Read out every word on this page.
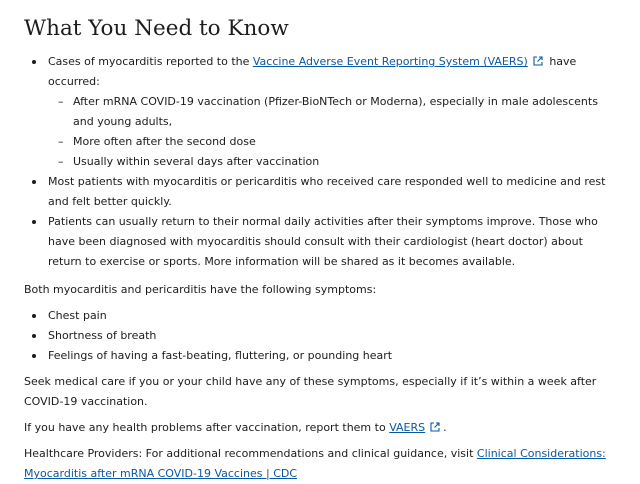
What You Need to Know
Cases of myocarditis reported to the Vaccine Adverse Event Reporting System (VAERS) have occurred:
– After mRNA COVID-19 vaccination (Pfizer-BioNTech or Moderna), especially in male adolescents and young adults,
– More often after the second dose
– Usually within several days after vaccination
Most patients with myocarditis or pericarditis who received care responded well to medicine and rest and felt better quickly.
Patients can usually return to their normal daily activities after their symptoms improve. Those who have been diagnosed with myocarditis should consult with their cardiologist (heart doctor) about return to exercise or sports. More information will be shared as it becomes available.

Both myocarditis and pericarditis have the following symptoms:

Chest pain
Shortness of breath
Feelings of having a fast-beating, fluttering, or pounding heart

Seek medical care if you or your child have any of these symptoms, especially if it’s within a week after COVID-19 vaccination.

If you have any health problems after vaccination, report them to VAERS .

Healthcare Providers: For additional recommendations and clinical guidance, visit Clinical Considerations: Myocarditis after mRNA COVID-19 Vaccines | CDC
